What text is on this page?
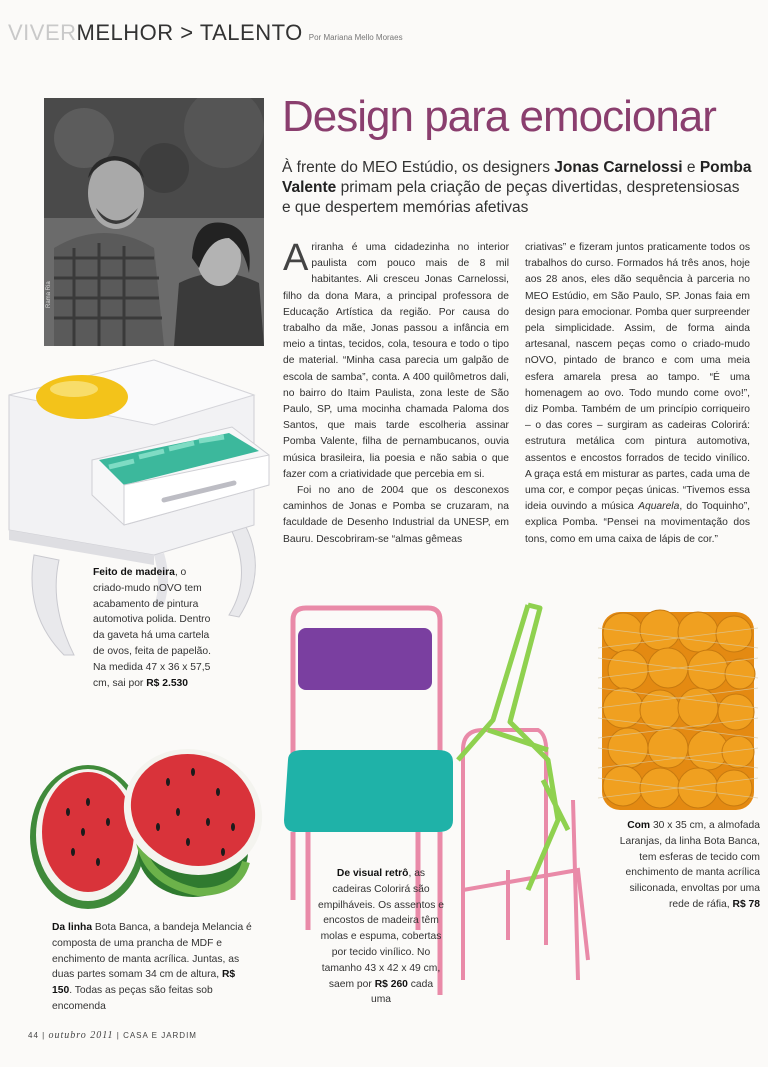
VIVERMELHOR > TALENTO Por Mariana Mello Moraes
Rama Ria
Design para emocionar
À frente do MEO Estúdio, os designers Jonas Carnelossi e Pomba Valente primam pela criação de peças divertidas, despretensiosas e que despertem memórias afetivas

Ariranha é uma cidadezinha no interior paulista com pouco mais de 8 mil habitantes. Ali cresceu Jonas Carnelossi, filho da dona Mara, a principal professora de Educação Artística da região. Por causa do trabalho da mãe, Jonas passou a infância em meio a tintas, tecidos, cola, tesoura e todo o tipo de material. “Minha casa parecia um galpão de escola de samba”, conta. A 400 quilômetros dali, no bairro do Itaim Paulista, zona leste de São Paulo, SP, uma mocinha chamada Paloma dos Santos, que mais tarde escolheria assinar Pomba Valente, filha de pernambucanos, ouvia música brasileira, lia poesia e não sabia o que fazer com a criatividade que percebia em si.

Foi no ano de 2004 que os desconexos caminhos de Jonas e Pomba se cruzaram, na faculdade de Desenho Industrial da UNESP, em Bauru. Descobriram-se “almas gêmeas

criativas” e fizeram juntos praticamente todos os trabalhos do curso. Formados há três anos, hoje aos 28 anos, eles dão sequência à parceria no MEO Estúdio, em São Paulo, SP. Jonas faia em design para emocionar. Pomba quer surpreender pela simplicidade. Assim, de forma ainda artesanal, nascem peças como o criado-mudo nOVO, pintado de branco e com uma meia esfera amarela presa ao tampo. “É uma homenagem ao ovo. Todo mundo come ovo!”, diz Pomba. Também de um princípio corriqueiro – o das cores – surgiram as cadeiras Colorirá: estrutura metálica com pintura automotiva, assentos e encostos forrados de tecido vinílico. A graça está em misturar as partes, cada uma de uma cor, e compor peças únicas. “Tivemos essa ideia ouvindo a música Aquarela, do Toquinho”, explica Pomba. “Pensei na movimentação dos tons, como em uma caixa de lápis de cor.”

Feito de madeira, o criado-mudo nOVO tem acabamento de pintura automotiva polida. Dentro da gaveta há uma cartela de ovos, feita de papelão. Na medida 47 x 36 x 57,5 cm, sai por R$ 2.530
Da linha Bota Banca, a bandeja Melancia é composta de uma prancha de MDF e enchimento de manta acrílica. Juntas, as duas partes somam 34 cm de altura, R$ 150. Todas as peças são feitas sob encomenda
De visual retrô, as cadeiras Colorirá são empilháveis. Os assentos e encostos de madeira têm molas e espuma, cobertas por tecido vinílico. No tamanho 43 x 42 x 49 cm, saem por R$ 260 cada uma
Com 30 x 35 cm, a almofada Laranjas, da linha Bota Banca, tem esferas de tecido com enchimento de manta acrílica siliconada, envoltas por uma rede de ráfia, R$ 78
44 | outubro 2011 | CASA E JARDIM
